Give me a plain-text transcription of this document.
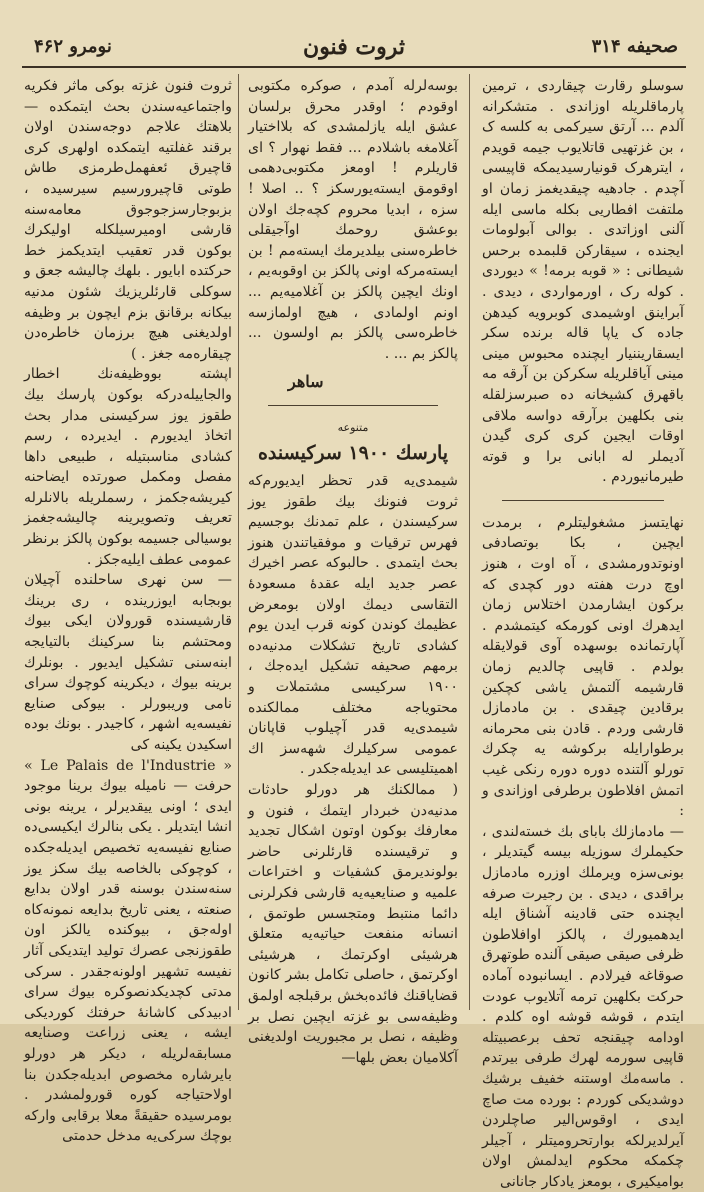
صحیفه ۳۱۴
ثروت فنون
نومرو ۴۶۲

سوسلو رقارت چیقاردی ، ترمین پارماقلریله اوزاندی . متشکرانه آلدم ... آرتق سیرکمی به کلسه ک ، بن غزتهیی قاتلایوب جیمه قویدم ، ایترهرک قونیارسیدیمکه قاپیسی آچدم . جادهیه چیقدیغمز زمان او ملتفت افطاریی بکله ماسی ایله آلنی اوزاتدی . بوالی آبولومات ایجنده ، سیقارکن قلبمده برحس شیطانی : « قوبه برمه! » دیوردی . کوله رک ، اورمواردی ، دیدی . آبراینق اوشیمدی کوبرویه کیدهن جاده ک یاپا قاله برنده سکر ایسقاریننیار ایچنده محبوس مینی مینی آیاقلریله سکرکن بن آرقه مه باقهرق کشیخانه ده صبرسزلقله بنی بکلهین برآرقه دواسه ملاقی اوقات ایجین کری کری گیدن آدیملر له ابانی برا و قوته طیرمانیوردم .

نهایتسز مشغولیتلرم ، برمدت ایچین ، بکا بوتصادفی اونوتدورمشدی ، آه اوت ، هنوز اوچ درت هفته دور کچدی که برکون ایشارمدن اختلاس زمان ایدهرك اونی کورمکه کیتمشدم . آپارتمانده بوسهده آوی قولایقله بولدم . قاپیی چالدیم زمان قارشیمه آلتمش یاشی کچکین برقادین چیقدی . بن مادمازل قارشی وردم . قادن بنی محرمانه برطوارایله برکوشه یه چکرك تورلو آلتنده دوره دوره رنکی غیب اتمش افلاطون برطرفی اوزاندی و :

— مادمازلك بابای بك خسته‌لندی ، حکیملرك سوزیله بیسه گیتدیلر ، بونی‌سزه ویرملك اوزره مادمازل براقدی ، دیدی . بن رجیرت صرفه ایچنده حتی قادینه آشناق ایله ایدهمیورك ، پالکز اوافلاطون ظرفی صیقی صیقی آلنده طوتهرق صوقاغه فیرلادم . ایسانبوده آماده حرکت بکلهین ترمه آتلایوب عودت ایتدم ، قوشه قوشه اوه کلدم . اودامه چیقنجه تحف برعصبیتله قاپیی سورمه لهرك طرفی بیرتدم . ماسه‌مك اوستنه خفیف برشیك دوشدیكی کوردم : بورده مت صاچ ایدی ، اوقوس‌الیر صاچلردن آیرلدیرلکه بوارتحرومیتلر ، آجیلر چکمکه محکوم ایدلمش اولان بوامیکیری ، بومعز یادکار جانانی

بوسه‌لرله آمدم ، صوکره مکتوبی اوقودم ؛ اوقدر محرق برلسان عشق ایله یازلمشدی که بلااختیار آغلامغه باشلادم ... فقط نهوار ؟ ای قاریلرم ! اومعز مکتوبی‌دهمی اوقومق ایسته‌یورسکز ؟ .. اصلا ! سزه ، ابدیا محروم کچه‌جك اولان بوعشق روحمك اوآجیقلی خاطره‌سنی بیلدیرمك ایسته‌مم ! بن ایسته‌مرکه اونی پالکز بن اوقوبه‌یم ، اونك ایچین پالکز بن آغلامیه‌یم ... اونم اولمادی ، هیچ اولمازسه خاطره‌سی پالکز بم اولسون ... پالکز بم ... .

ساهر
متنوعه
پارسك ۱۹۰۰ سرکیسنده

شیمدی‌یه قدر تحظر ایدیورم‌که ثروت فنونك بیك طقوز یوز سرکیسندن ، علم تمدنك بوجسیم فهرس ترقیات و موفقیاتندن هنوز بحث ایتمدی . حالبوکه عصر اخیرك عصر جدید ایله عقدهٔ مسعودهٔ التقاسی دیمك اولان بومعرض عظیمك کوندن کونه قرب ایدن یوم کشادی تاریخ تشکلات مدنیه‌ده برمهم صحیفه تشکیل ایده‌جك ، ۱۹۰۰ سرکیسی مشتملات و محتویاجه مختلف ممالکنده شیمدی‌یه قدر آچیلوب قاپانان عمومی سرکیلرك شهه‌سز اك اهمیتلیسی عد ایدیله‌جکدر .

( ممالکنك هر دورلو حادثات مدنیه‌دن خبردار ایتمك ، فنون و معارفك بوکون اوتون اشکال تجدید و ترقیسنده قارئلرنی حاضر بولوندیرمق کشفیات و اختراعات علمیه و صنایعیه‌یه قارشی فکرلرنی دائما منتبط ومتجسس طوتمق ، انسانه منفعت حیاتیه‌یه متعلق هرشیئی اوکرتمك ، هرشیئی اوکرتمق ، حاصلی تکامل بشر کانون قضایاقنك فائده‌بخش برقبلجه اولمق وظیفه‌سی بو غزته ایچین نصل بر وظیفه ، نصل بر مجبوریت اولدیغنی آکلامیان بعض بلها—

ثروت فنون غزته بوکی ماثر فکریه واجتماعیه‌سندن بحث ایتمکده — بلاهتك علاجم‌ دوجه‌سندن اولان برقند غفلتیه ایتمکده اولهری کری قاچیرق ئعفهمل‌طرمزی طاش طوتی قاچیرورسیم سیرسیده ، بزبوجارسزجوجوق معامه‌سنه قارشی اومیرسیلکله اولیکرك بوکون قدر تعقیب ایتدیکمز خط حرکتده ابایور . بلهك چالیشه جعق و سوکلی قارئلریزیك شئون مدنیه بیکانه برقانق بزم ایچون بر وظیفه اولدیغنی هیچ برزمان خاطره‌دن چیقاره‌مه جغز . )

اپشته بووظیفه‌نك اخطار والجاییله‌دركه بوکون پارسك بیك طقوز یوز سرکیسنی مدار بحث اتخاذ ایدیورم . ایدیرده ، رسم کشادی مناسبتیله ، طبیعی داها مفصل ومکمل صورتده ایضاحنه کیریشه‌جکمز ، رسملریله بالانلرله تعریف وتصویرینه چالیشه‌جغمز بوسیالی جسیمه بوکون پالکز برنظر عمومی عطف ایلیه‌جکز .

— سن نهری ساحلنده آچیلان بوبجابه ایوزرینده ، ری برینك قارشیسنده قورولان ایکی بیوك ومحتشم بنا سرکینك بالتیایجه ابنه‌سنی تشکیل ایدیور . بونلرك برینه بیوك ، دیکرینه کوچوك سرای نامی وریبورلر . بیوکی صنایع نفیسه‌یه اشهر ، کاجیدر . بونك بوده اسکیدن یکینه کی

« Le Palais de l'Industrie » حرفت — نامیله بیوك برینا موجود ایدی ؛ اونی ییقدیرلر ، یرینه بونی انشا ایتدیلر . یکی بنالرك ایکیسی‌ده صنایع نفیسه‌یه تخصیص ایدیله‌جکده ، کوچوکی بالخاصه بیك سکز یوز سنه‌سندن بوسنه قدر اولان بدایع صنعته ، یعنی تاریخ بدایعه نمونه‌کاه اوله‌جق ، بیوکنده یالکز اون طقوزنجی عصرك تولید ایتدیکی آثار نفیسه تشهیر اولونه‌جقدر . سرکی مدتی کچدیکدنصوکره بیوك سرای ادبیدکی کاشانهٔ حرفتك کوردیکی ایشه ، یعنی زراعت وصنایعه مسابقه‌لریله ، دیکر هر دورلو بایرشاره مخصوص ابدیله‌جکدن بنا اولاحتیاجه کوره قورولمشدر . بومرسیده حقیقةً معلا برقابی وارکه بوچك سرکی‌یه مدخل حدمتی
